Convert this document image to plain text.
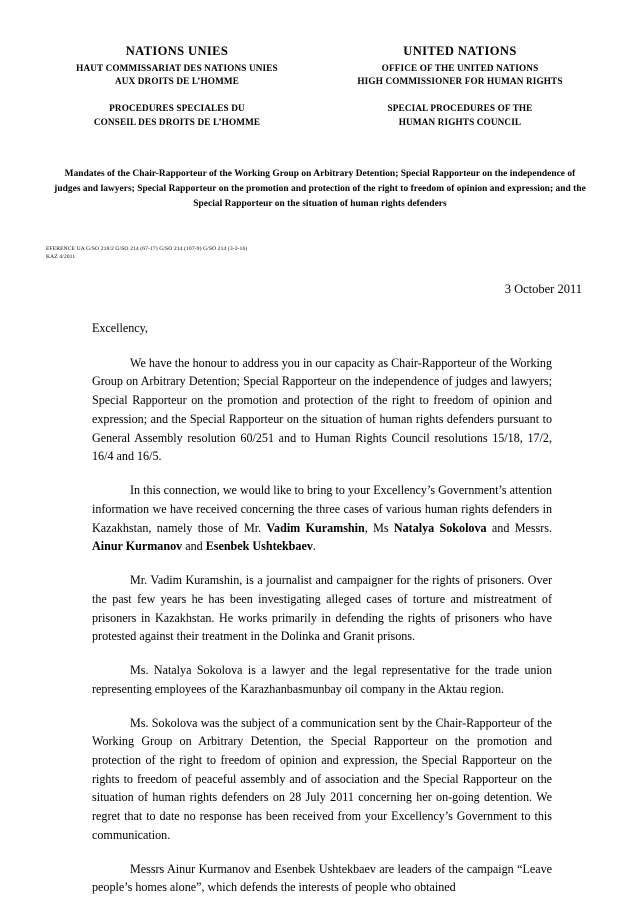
NATIONS UNIES
HAUT COMMISSARIAT DES NATIONS UNIES
AUX DROITS DE L’HOMME
PROCEDURES SPECIALES DU
CONSEIL DES DROITS DE L’HOMME
UNITED NATIONS
OFFICE OF THE UNITED NATIONS
HIGH COMMISSIONER FOR HUMAN RIGHTS
SPECIAL PROCEDURES OF THE
HUMAN RIGHTS COUNCIL
Mandates of the Chair-Rapporteur of the Working Group on Arbitrary Detention; Special Rapporteur on the independence of judges and lawyers; Special Rapporteur on the promotion and protection of the right to freedom of opinion and expression; and the Special Rapporteur on the situation of human rights defenders
EFERENCE UA G/SO 218/2 G/SO 214 (67-17) G/SO 214 (107-9) G/SO 214 (3-3-16)
KAZ 4/2011
3 October 2011
Excellency,

We have the honour to address you in our capacity as Chair-Rapporteur of the Working Group on Arbitrary Detention; Special Rapporteur on the independence of judges and lawyers; Special Rapporteur on the promotion and protection of the right to freedom of opinion and expression; and the Special Rapporteur on the situation of human rights defenders pursuant to General Assembly resolution 60/251 and to Human Rights Council resolutions 15/18, 17/2, 16/4 and 16/5.

In this connection, we would like to bring to your Excellency’s Government’s attention information we have received concerning the three cases of various human rights defenders in Kazakhstan, namely those of Mr. Vadim Kuramshin, Ms Natalya Sokolova and Messrs. Ainur Kurmanov and Esenbek Ushtekbaev.

Mr. Vadim Kuramshin, is a journalist and campaigner for the rights of prisoners. Over the past few years he has been investigating alleged cases of torture and mistreatment of prisoners in Kazakhstan. He works primarily in defending the rights of prisoners who have protested against their treatment in the Dolinka and Granit prisons.

Ms. Natalya Sokolova is a lawyer and the legal representative for the trade union representing employees of the Karazhanbasmunbay oil company in the Aktau region.

Ms. Sokolova was the subject of a communication sent by the Chair-Rapporteur of the Working Group on Arbitrary Detention, the Special Rapporteur on the promotion and protection of the right to freedom of opinion and expression, the Special Rapporteur on the rights to freedom of peaceful assembly and of association and the Special Rapporteur on the situation of human rights defenders on 28 July 2011 concerning her on-going detention. We regret that to date no response has been received from your Excellency’s Government to this communication.

Messrs Ainur Kurmanov and Esenbek Ushtekbaev are leaders of the campaign “Leave people’s homes alone”, which defends the interests of people who obtained
